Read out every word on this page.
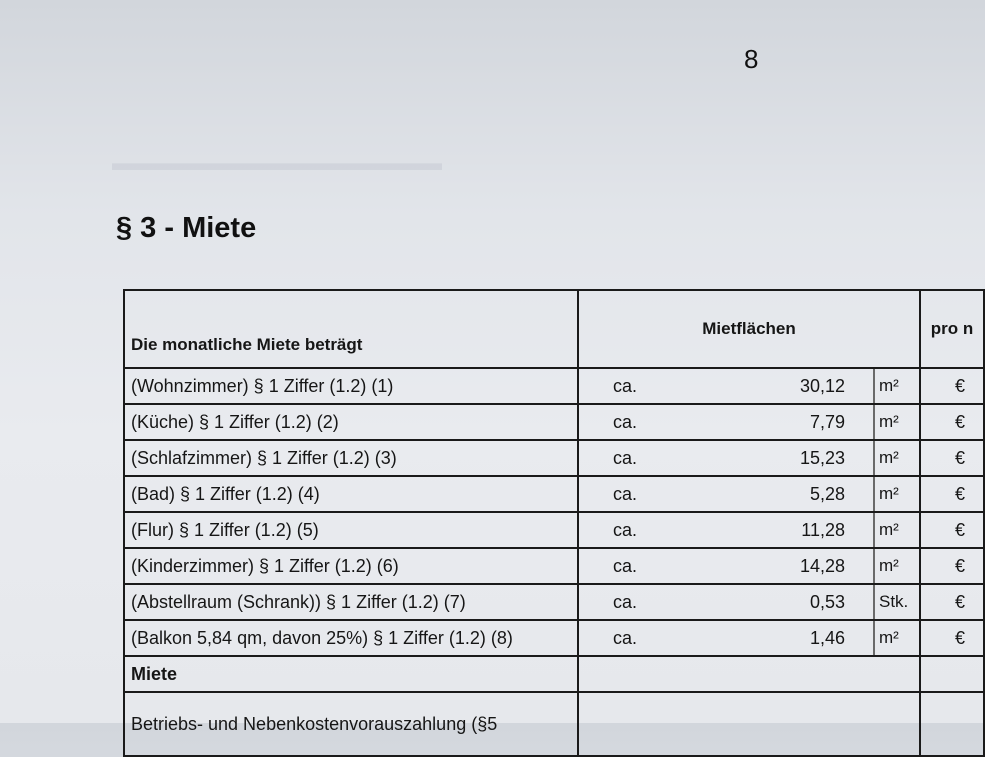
8
▬▬▬▬▬▬▬▬▬▬▬▬▬▬▬
§ 3 - Miete
Die monatliche Miete beträgt	Mietflächen			pro n
(Wohnzimmer) § 1 Ziffer (1.2) (1)	ca.	30,12	m²	€
(Küche) § 1 Ziffer (1.2) (2)	ca.	7,79	m²	€
(Schlafzimmer) § 1 Ziffer (1.2) (3)	ca.	15,23	m²	€
(Bad) § 1 Ziffer (1.2) (4)	ca.	5,28	m²	€
(Flur) § 1 Ziffer (1.2) (5)	ca.	11,28	m²	€
(Kinderzimmer) § 1 Ziffer (1.2) (6)	ca.	14,28	m²	€
(Abstellraum (Schrank)) § 1 Ziffer (1.2) (7)	ca.	0,53	Stk.	€
(Balkon 5,84 qm, davon 25%) § 1 Ziffer (1.2) (8)	ca.	1,46	m²	€
Miete				
Betriebs- und Nebenkostenvorauszahlung (§5				
